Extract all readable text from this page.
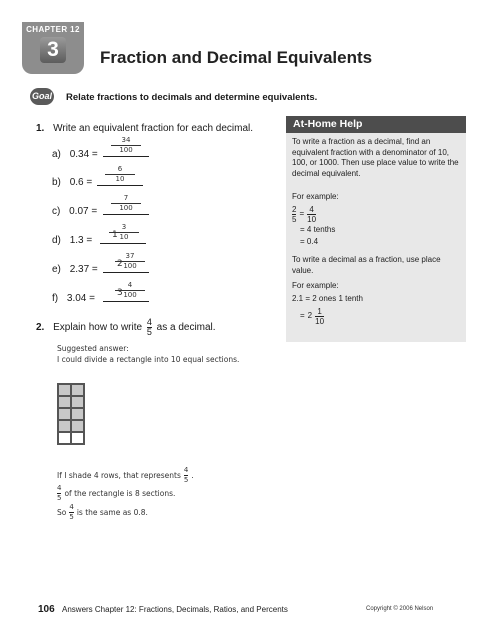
CHAPTER 12
3	Fraction and Decimal Equivalents
Goal Relate fractions to decimals and determine equivalents.
1. Write an equivalent fraction for each decimal.
a) $0.34 = \frac{34}{100}$
b) $0.6 = \frac{6}{10}$
c) $0.07 = \frac{7}{100}$
d) 1.3 = 1
$\frac{3}{10}$
e) 2.37 = 2
$\frac{37}{100}$
f) 3.04 = 3
$\frac{4}{100}$
2. Explain how to write $\frac{4}{5}$ as a decimal.
Suggested answer:
I could divide a rectangle into 10 equal sections.
If I shade 4 rows, that represents $\frac{4}{5}$ .
$\frac{4}{5}$ of the rectangle is 8 sections.
So $\frac{4}{5}$ is the same as 0.8.
At-Home Help
To write a fraction as a decimal, find an equivalent fraction with a denominator of 10, 100, or 1000. Then use place value to write the decimal equivalent.
For example:
$\frac{2}{5} = \frac{4}{10}$
= 4 tenths
= 0.4
To write a decimal as a fraction, use place value.
For example:
2.1 = 2 ones 1 tenth
= $2 \frac{1}{10}$
106 Answers Chapter 12: Fractions, Decimals, Ratios, and Percents	Copyright © 2006 Nelson
